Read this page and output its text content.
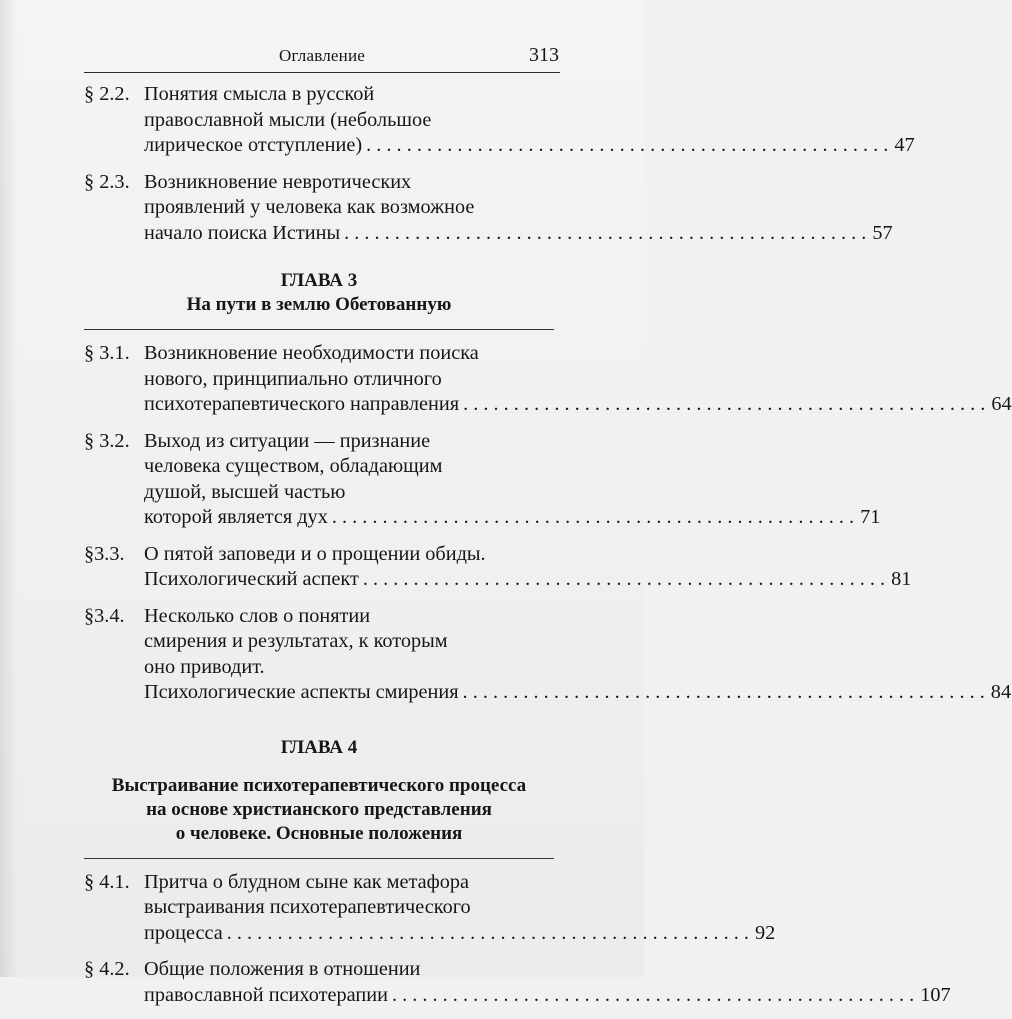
Оглавление	313
§ 2.2. Понятия смысла в русской
православной мысли (небольшое
лирическое отступление) . . .	47
§ 2.3. Возникновение невротических
проявлений у человека как возможное
начало поиска Истины . . .	57
ГЛАВА 3
На пути в землю Обетованную
§ 3.1. Возникновение необходимости поиска
нового, принципиально отличного
психотерапевтического направления . . .	64
§ 3.2. Выход из ситуации — признание
человека существом, обладающим
душой, высшей частью
которой является дух . . .	71
§3.3. О пятой заповеди и о прощении обиды.
Психологический аспект . . .	81
§3.4. Несколько слов о понятии
смирения и результатах, к которым
оно приводит.
Психологические аспекты смирения . . .	84
ГЛАВА 4
Выстраивание психотерапевтического процесса
на основе христианского представления
о человеке. Основные положения
§ 4.1. Притча о блудном сыне как метафора
выстраивания психотерапевтического
процесса . . .	92
§ 4.2. Общие положения в отношении
православной психотерапии . . .	107
